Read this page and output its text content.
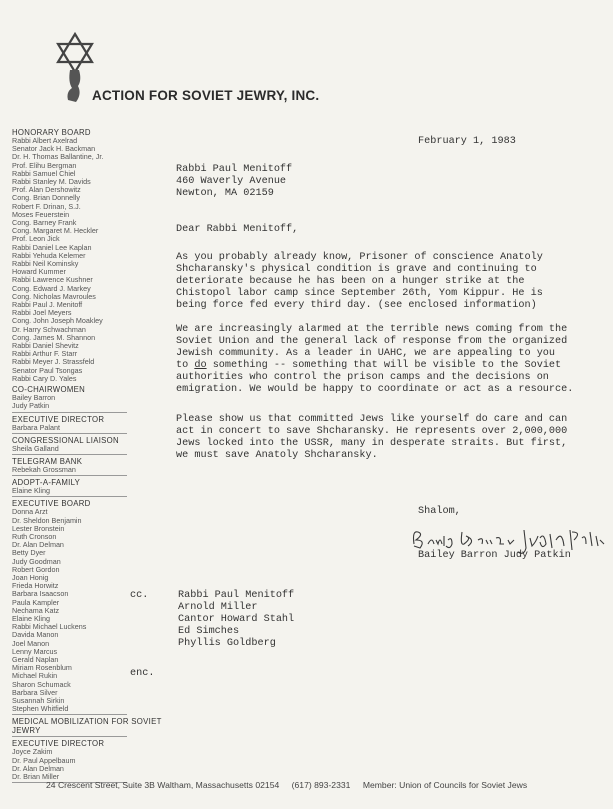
ACTION FOR SOVIET JEWRY, INC.
HONORARY BOARD
Rabbi Albert Axelrad
Senator Jack H. Backman
Dr. H. Thomas Ballantine, Jr.
Prof. Elihu Bergman
Rabbi Samuel Chiel
Rabbi Stanley M. Davids
Prof. Alan Dershowitz
Cong. Brian Donnelly
Robert F. Drinan, S.J.
Moses Feuerstein
Cong. Barney Frank
Cong. Margaret M. Heckler
Prof. Leon Jick
Rabbi Daniel Lee Kaplan
Rabbi Yehuda Kelemer
Rabbi Neil Kominsky
Howard Kummer
Rabbi Lawrence Kushner
Cong. Edward J. Markey
Cong. Nicholas Mavroules
Rabbi Paul J. Menitoff
Rabbi Joel Meyers
Cong. John Joseph Moakley
Dr. Harry Schwachman
Cong. James M. Shannon
Rabbi Daniel Shevitz
Rabbi Arthur F. Starr
Rabbi Meyer J. Strassfeld
Senator Paul Tsongas
Rabbi Cary D. Yales
CO-CHAIRWOMEN
Bailey Barron
Judy Patkin
EXECUTIVE DIRECTOR
Barbara Palant
CONGRESSIONAL LIAISON
Sheila Galland
TELEGRAM BANK
Rebekah Grossman
ADOPT-A-FAMILY
Elaine Kling
EXECUTIVE BOARD
Donna Arzt
Dr. Sheldon Benjamin
Lester Bronstein
Ruth Cronson
Dr. Alan Delman
Betty Dyer
Judy Goodman
Robert Gordon
Joan Honig
Frieda Horwitz
Barbara Isaacson
Paula Kampler
Nechama Katz
Elaine Kling
Rabbi Michael Luckens
Davida Manon
Joel Manon
Lenny Marcus
Gerald Naplan
Miriam Rosenblum
Michael Rukin
Sharon Schumack
Barbara Silver
Susannah Sirkin
Stephen Whitfield
MEDICAL MOBILIZATION FOR SOVIET JEWRY
EXECUTIVE DIRECTOR
Joyce Zakim
Dr. Paul Appelbaum
Dr. Alan Delman
Dr. Brian Miller
February 1, 1983
Rabbi Paul Menitoff
460 Waverly Avenue
Newton, MA 02159
Dear Rabbi Menitoff,
As you probably already know, Prisoner of conscience Anatoly
Shcharansky's physical condition is grave and continuing to
deteriorate because he has been on a hunger strike at the
Chistopol labor camp since September 26th, Yom Kippur. He is
being force fed every third day. (see enclosed information)
We are increasingly alarmed at the terrible news coming from the
Soviet Union and the general lack of response from the organized
Jewish community. As a leader in UAHC, we are appealing to you
to do something -- something that will be visible to the Soviet
authorities who control the prison camps and the decisions on
emigration. We would be happy to coordinate or act as a resource.
Please show us that committed Jews like yourself do care and can
act in concert to save Shcharansky. He represents over 2,000,000
Jews locked into the USSR, many in desperate straits. But first,
we must save Anatoly Shcharansky.
Shalom,
Bailey Barron Judy Patkin
cc.	Rabbi Paul Menitoff
Arnold Miller
Cantor Howard Stahl
Ed Simches
Phyllis Goldberg
enc.
24 Crescent Street, Suite 3B Waltham, Massachusetts 02154 (617) 893-2331 Member: Union of Councils for Soviet Jews
